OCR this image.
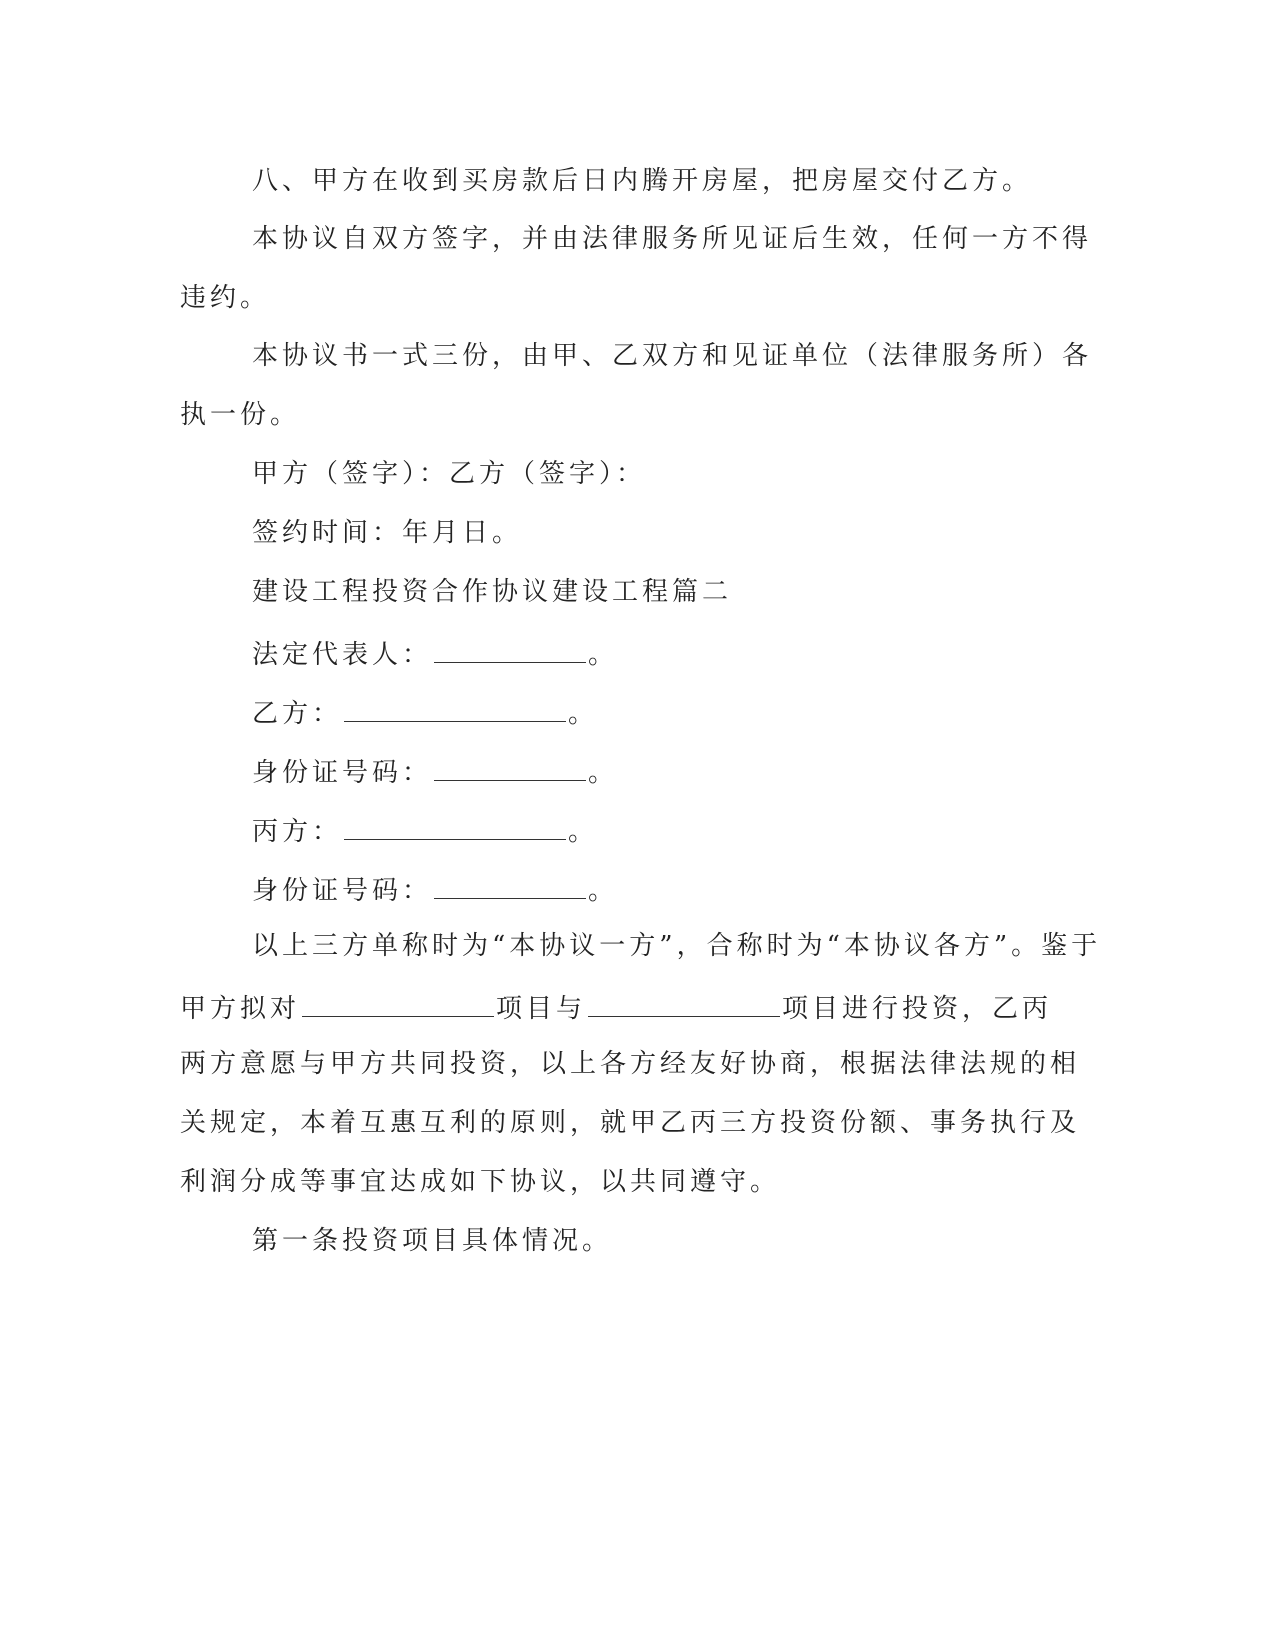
八、甲方在收到买房款后日内腾开房屋，把房屋交付乙方。
本协议自双方签字，并由法律服务所见证后生效，任何一方不得
违约。
本协议书一式三份，由甲、乙双方和见证单位（法律服务所）各
执一份。
甲方（签字）：乙方（签字）：
签约时间：年月日。
建设工程投资合作协议建设工程篇二
法定代表人：	。
乙方：	。
身份证号码：	。
丙方：	。
身份证号码：	。
以上三方单称时为“本协议一方”，合称时为“本协议各方”。鉴于
甲方拟对	项目与	项目进行投资，乙丙
两方意愿与甲方共同投资，以上各方经友好协商，根据法律法规的相
关规定，本着互惠互利的原则，就甲乙丙三方投资份额、事务执行及
利润分成等事宜达成如下协议，以共同遵守。
第一条投资项目具体情况。
